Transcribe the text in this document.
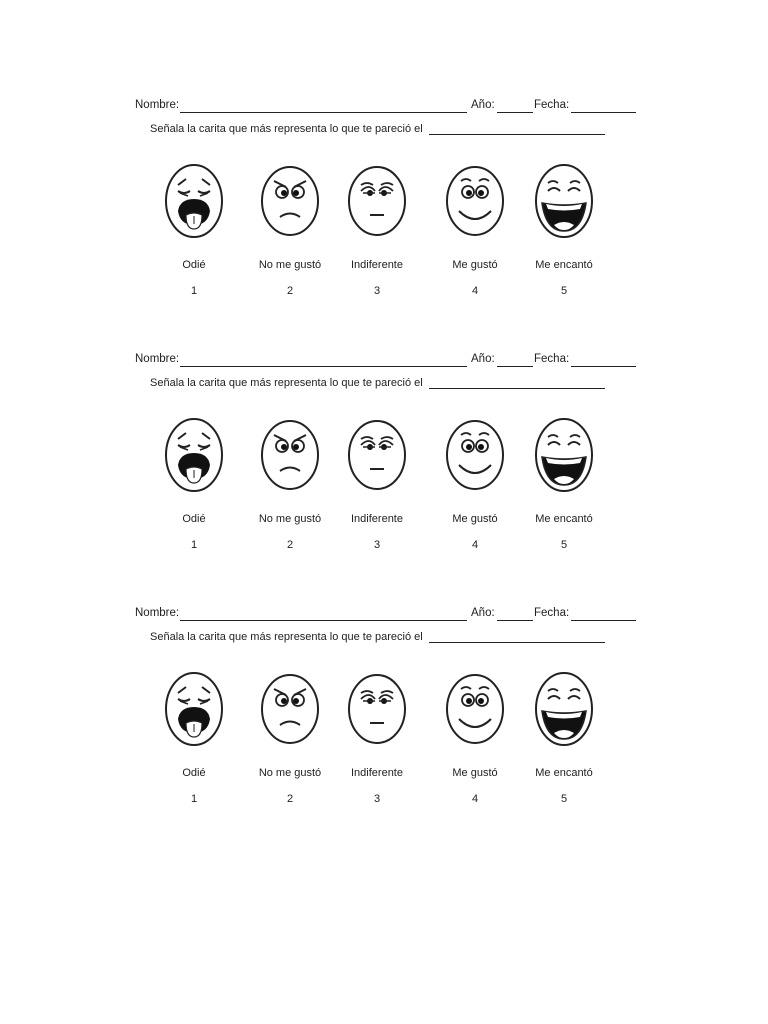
Nombre:	Año:	Fecha:
Señala la carita que más representa lo que te pareció el
Odié
1
No me gustó
2
Indiferente
3
Me gustó
4
Me encantó
5
Nombre:	Año:	Fecha:
Señala la carita que más representa lo que te pareció el
Odié
1
No me gustó
2
Indiferente
3
Me gustó
4
Me encantó
5
Nombre:	Año:	Fecha:
Señala la carita que más representa lo que te pareció el
Odié
1
No me gustó
2
Indiferente
3
Me gustó
4
Me encantó
5
